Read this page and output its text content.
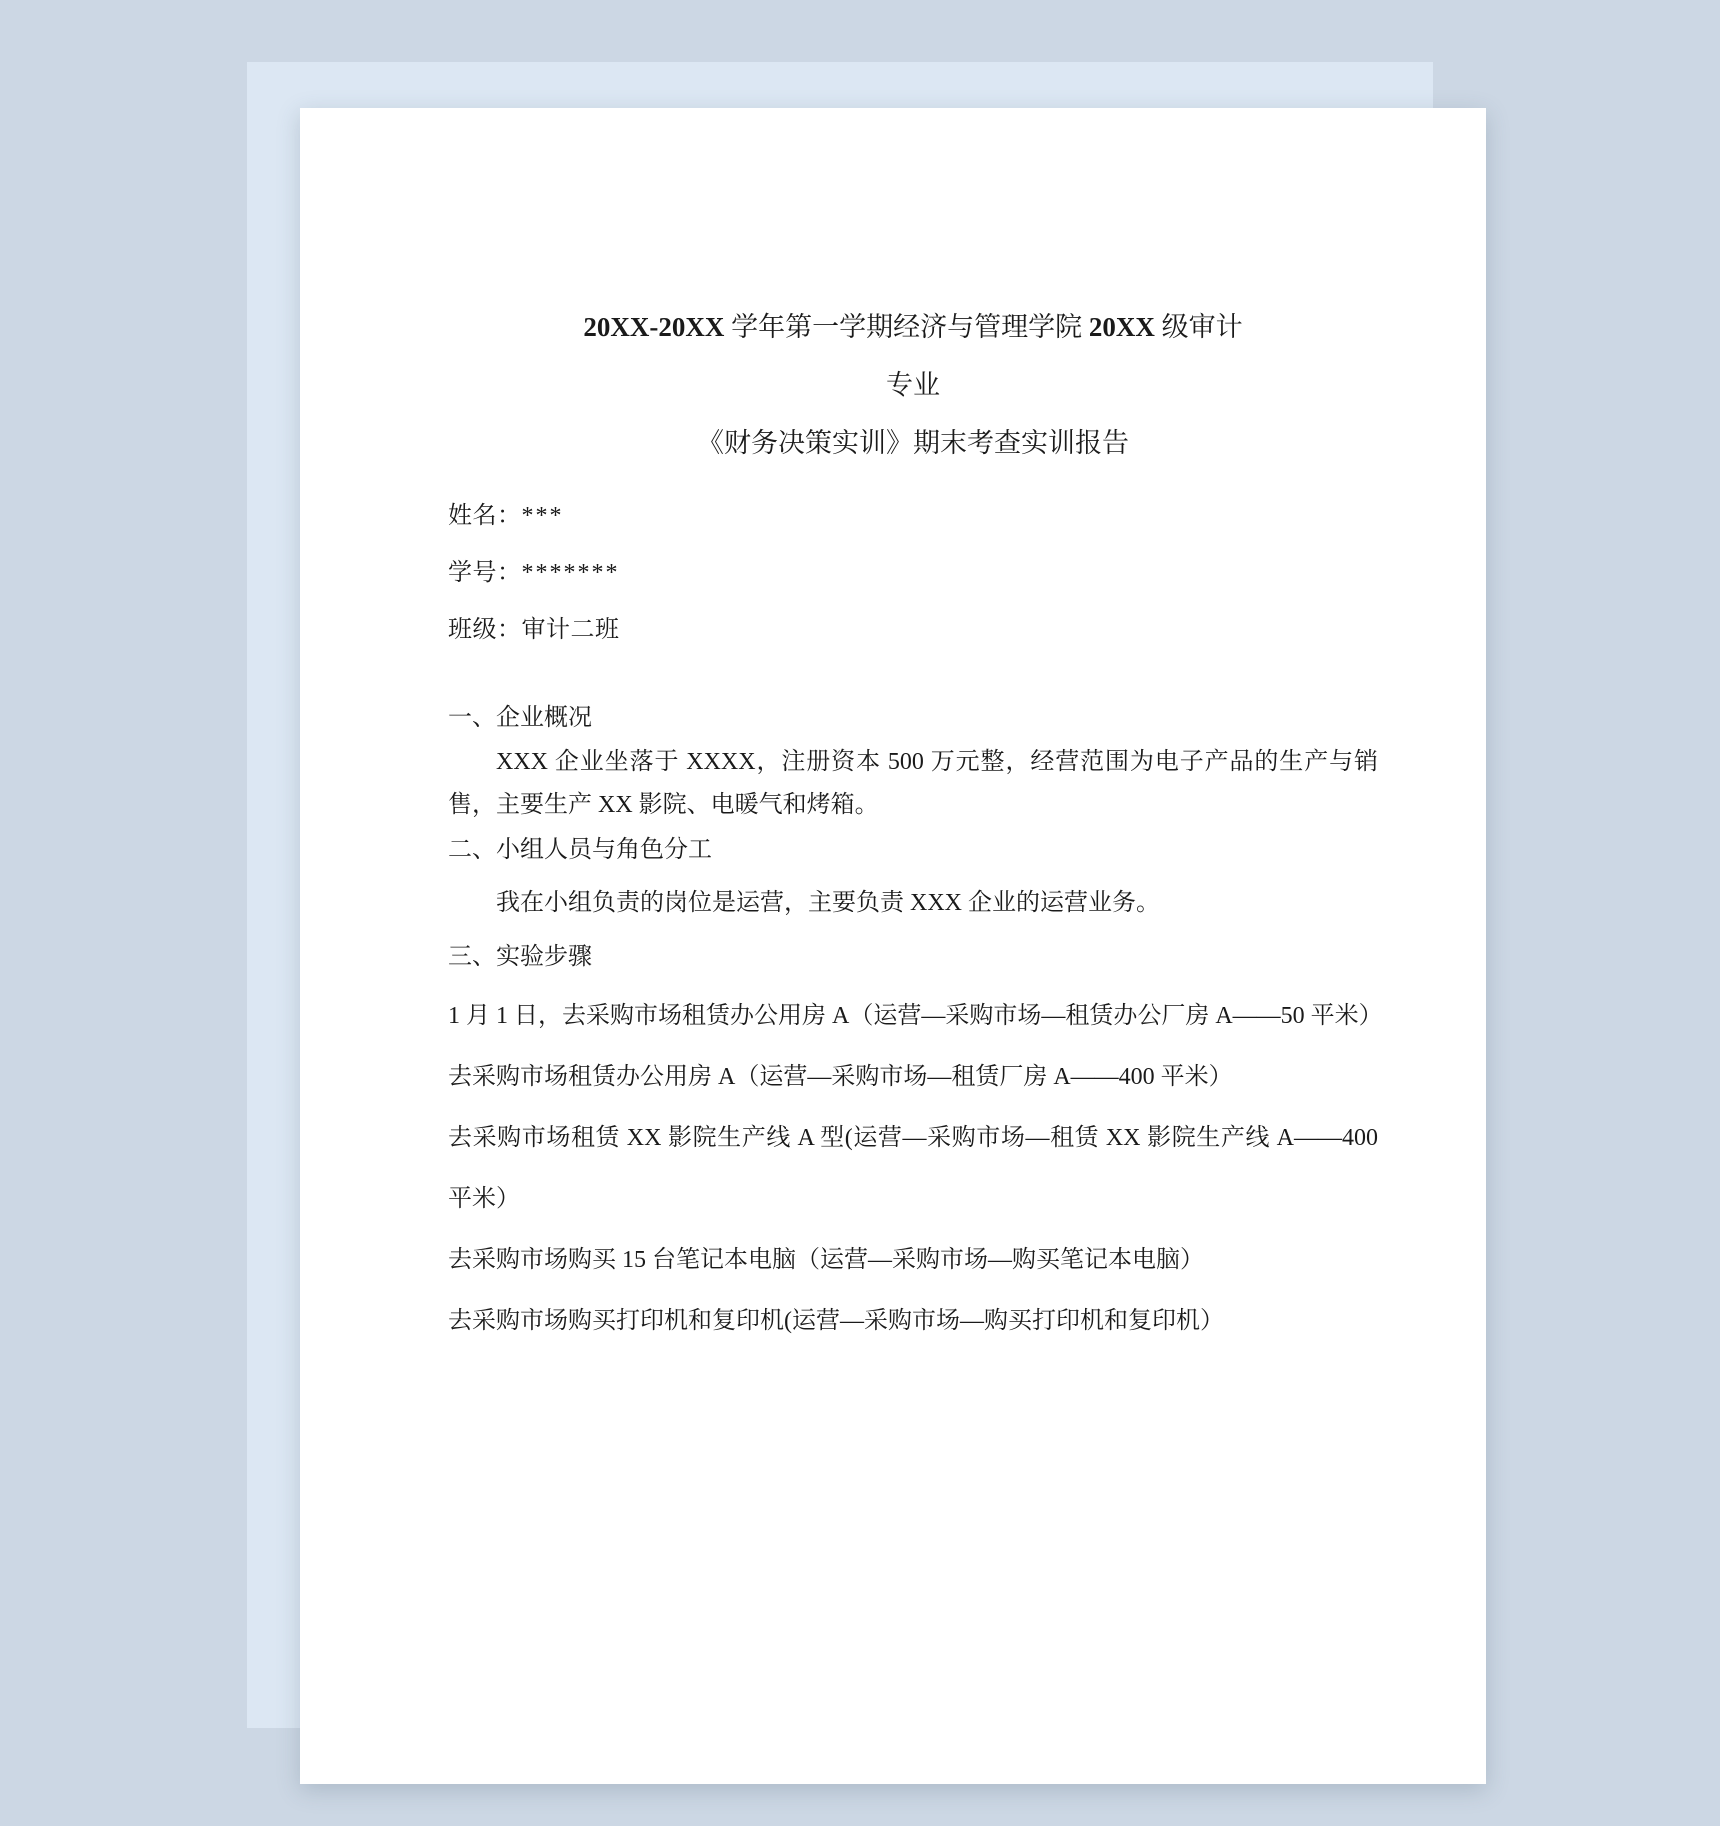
20XX-20XX 学年第一学期经济与管理学院 20XX 级审计
专业
《财务决策实训》期末考查实训报告
姓名：***
学号：*******
班级：审计二班
一、企业概况
XXX 企业坐落于 XXXX，注册资本 500 万元整，经营范围为电子产品的生产与销售，主要生产 XX 影院、电暖气和烤箱。
二、小组人员与角色分工
我在小组负责的岗位是运营，主要负责 XXX 企业的运营业务。
三、实验步骤
1 月 1 日，去采购市场租赁办公用房 A（运营—采购市场—租赁办公厂房 A——50 平米）
去采购市场租赁办公用房 A（运营—采购市场—租赁厂房 A——400 平米）
去采购市场租赁 XX 影院生产线 A 型(运营—采购市场—租赁 XX 影院生产线 A——400 平米）
去采购市场购买 15 台笔记本电脑（运营—采购市场—购买笔记本电脑）
去采购市场购买打印机和复印机(运营—采购市场—购买打印机和复印机）
